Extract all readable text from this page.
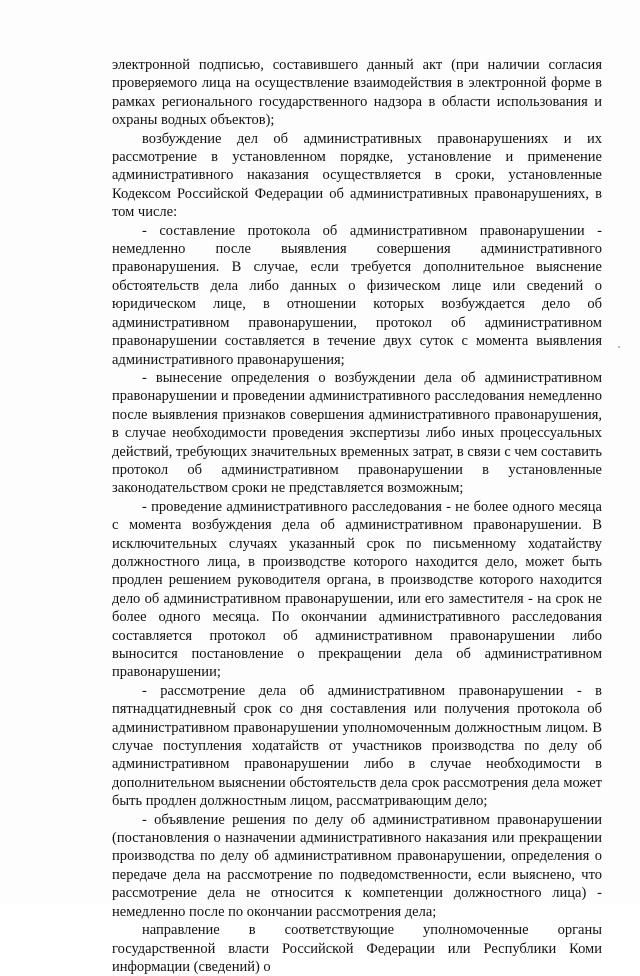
электронной подписью, составившего данный акт (при наличии согласия проверяемого лица на осуществление взаимодействия в электронной форме в рамках регионального государственного надзора в области использования и охраны водных объектов);

возбуждение дел об административных правонарушениях и их рассмотрение в установленном порядке, установление и применение административного наказания осуществляется в сроки, установленные Кодексом Российской Федерации об административных правонарушениях, в том числе:

- составление протокола об административном правонарушении - немедленно после выявления совершения административного правонарушения. В случае, если требуется дополнительное выяснение обстоятельств дела либо данных о физическом лице или сведений о юридическом лице, в отношении которых возбуждается дело об административном правонарушении, протокол об административном правонарушении составляется в течение двух суток с момента выявления административного правонарушения;

- вынесение определения о возбуждении дела об административном правонарушении и проведении административного расследования немедленно после выявления признаков совершения административного правонарушения, в случае необходимости проведения экспертизы либо иных процессуальных действий, требующих значительных временных затрат, в связи с чем составить протокол об административном правонарушении в установленные законодательством сроки не представляется возможным;

- проведение административного расследования - не более одного месяца с момента возбуждения дела об административном правонарушении. В исключительных случаях указанный срок по письменному ходатайству должностного лица, в производстве которого находится дело, может быть продлен решением руководителя органа, в производстве которого находится дело об административном правонарушении, или его заместителя - на срок не более одного месяца. По окончании административного расследования составляется протокол об административном правонарушении либо выносится постановление о прекращении дела об административном правонарушении;

- рассмотрение дела об административном правонарушении - в пятнадцатидневный срок со дня составления или получения протокола об административном правонарушении уполномоченным должностным лицом. В случае поступления ходатайств от участников производства по делу об административном правонарушении либо в случае необходимости в дополнительном выяснении обстоятельств дела срок рассмотрения дела может быть продлен должностным лицом, рассматривающим дело;

- объявление решения по делу об административном правонарушении (постановления о назначении административного наказания или прекращении производства по делу об административном правонарушении, определения о передаче дела на рассмотрение по подведомственности, если выяснено, что рассмотрение дела не относится к компетенции должностного лица) - немедленно после по окончании рассмотрения дела;

направление в соответствующие уполномоченные органы государственной власти Российской Федерации или Республики Коми информации (сведений) о
